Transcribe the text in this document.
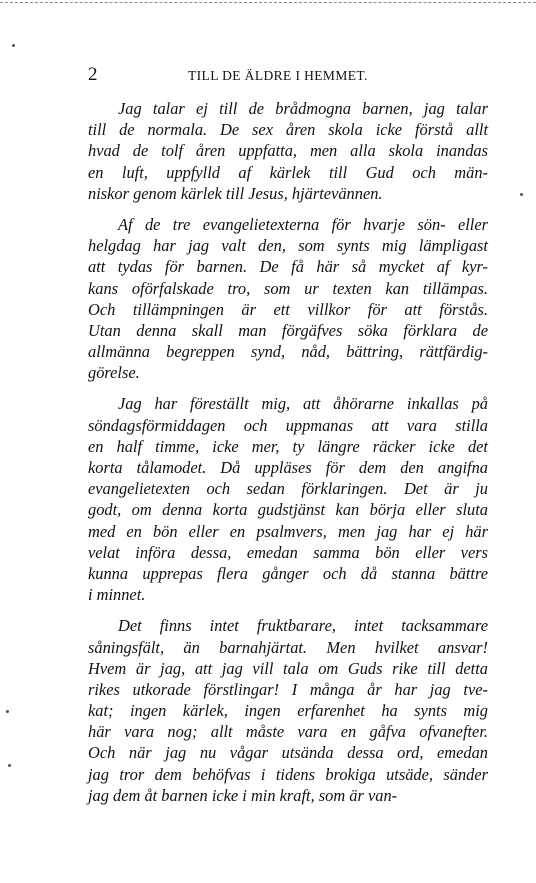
2	TILL DE ÄLDRE I HEMMET.
Jag talar ej till de brådmogna barnen, jag talar
till de normala. De sex åren skola icke förstå allt
hvad de tolf åren uppfatta, men alla skola inandas
en luft, uppfylld af kärlek till Gud och män-
niskor genom kärlek till Jesus, hjärtevännen.
Af de tre evangelietexterna för hvarje sön- eller
helgdag har jag valt den, som synts mig lämpligast
att tydas för barnen. De få här så mycket af kyr-
kans oförfalskade tro, som ur texten kan tillämpas.
Och tillämpningen är ett villkor för att förstås.
Utan denna skall man förgäfves söka förklara de
allmänna begreppen synd, nåd, bättring, rättfärdig-
görelse.
Jag har föreställt mig, att åhörarne inkallas på
söndagsförmiddagen och uppmanas att vara stilla
en half timme, icke mer, ty längre räcker icke det
korta tålamodet. Då uppläses för dem den angifna
evangelietexten och sedan förklaringen. Det är ju
godt, om denna korta gudstjänst kan börja eller sluta
med en bön eller en psalmvers, men jag har ej här
velat införa dessa, emedan samma bön eller vers
kunna upprepas flera gånger och då stanna bättre
i minnet.
Det finns intet fruktbarare, intet tacksammare
såningsfält, än barnahjärtat. Men hvilket ansvar!
Hvem är jag, att jag vill tala om Guds rike till detta
rikes utkorade förstlingar! I många år har jag tve-
kat; ingen kärlek, ingen erfarenhet ha synts mig
här vara nog; allt måste vara en gåfva ofvanefter.
Och när jag nu vågar utsända dessa ord, emedan
jag tror dem behöfvas i tidens brokiga utsäde, sänder
jag dem åt barnen icke i min kraft, som är van-
